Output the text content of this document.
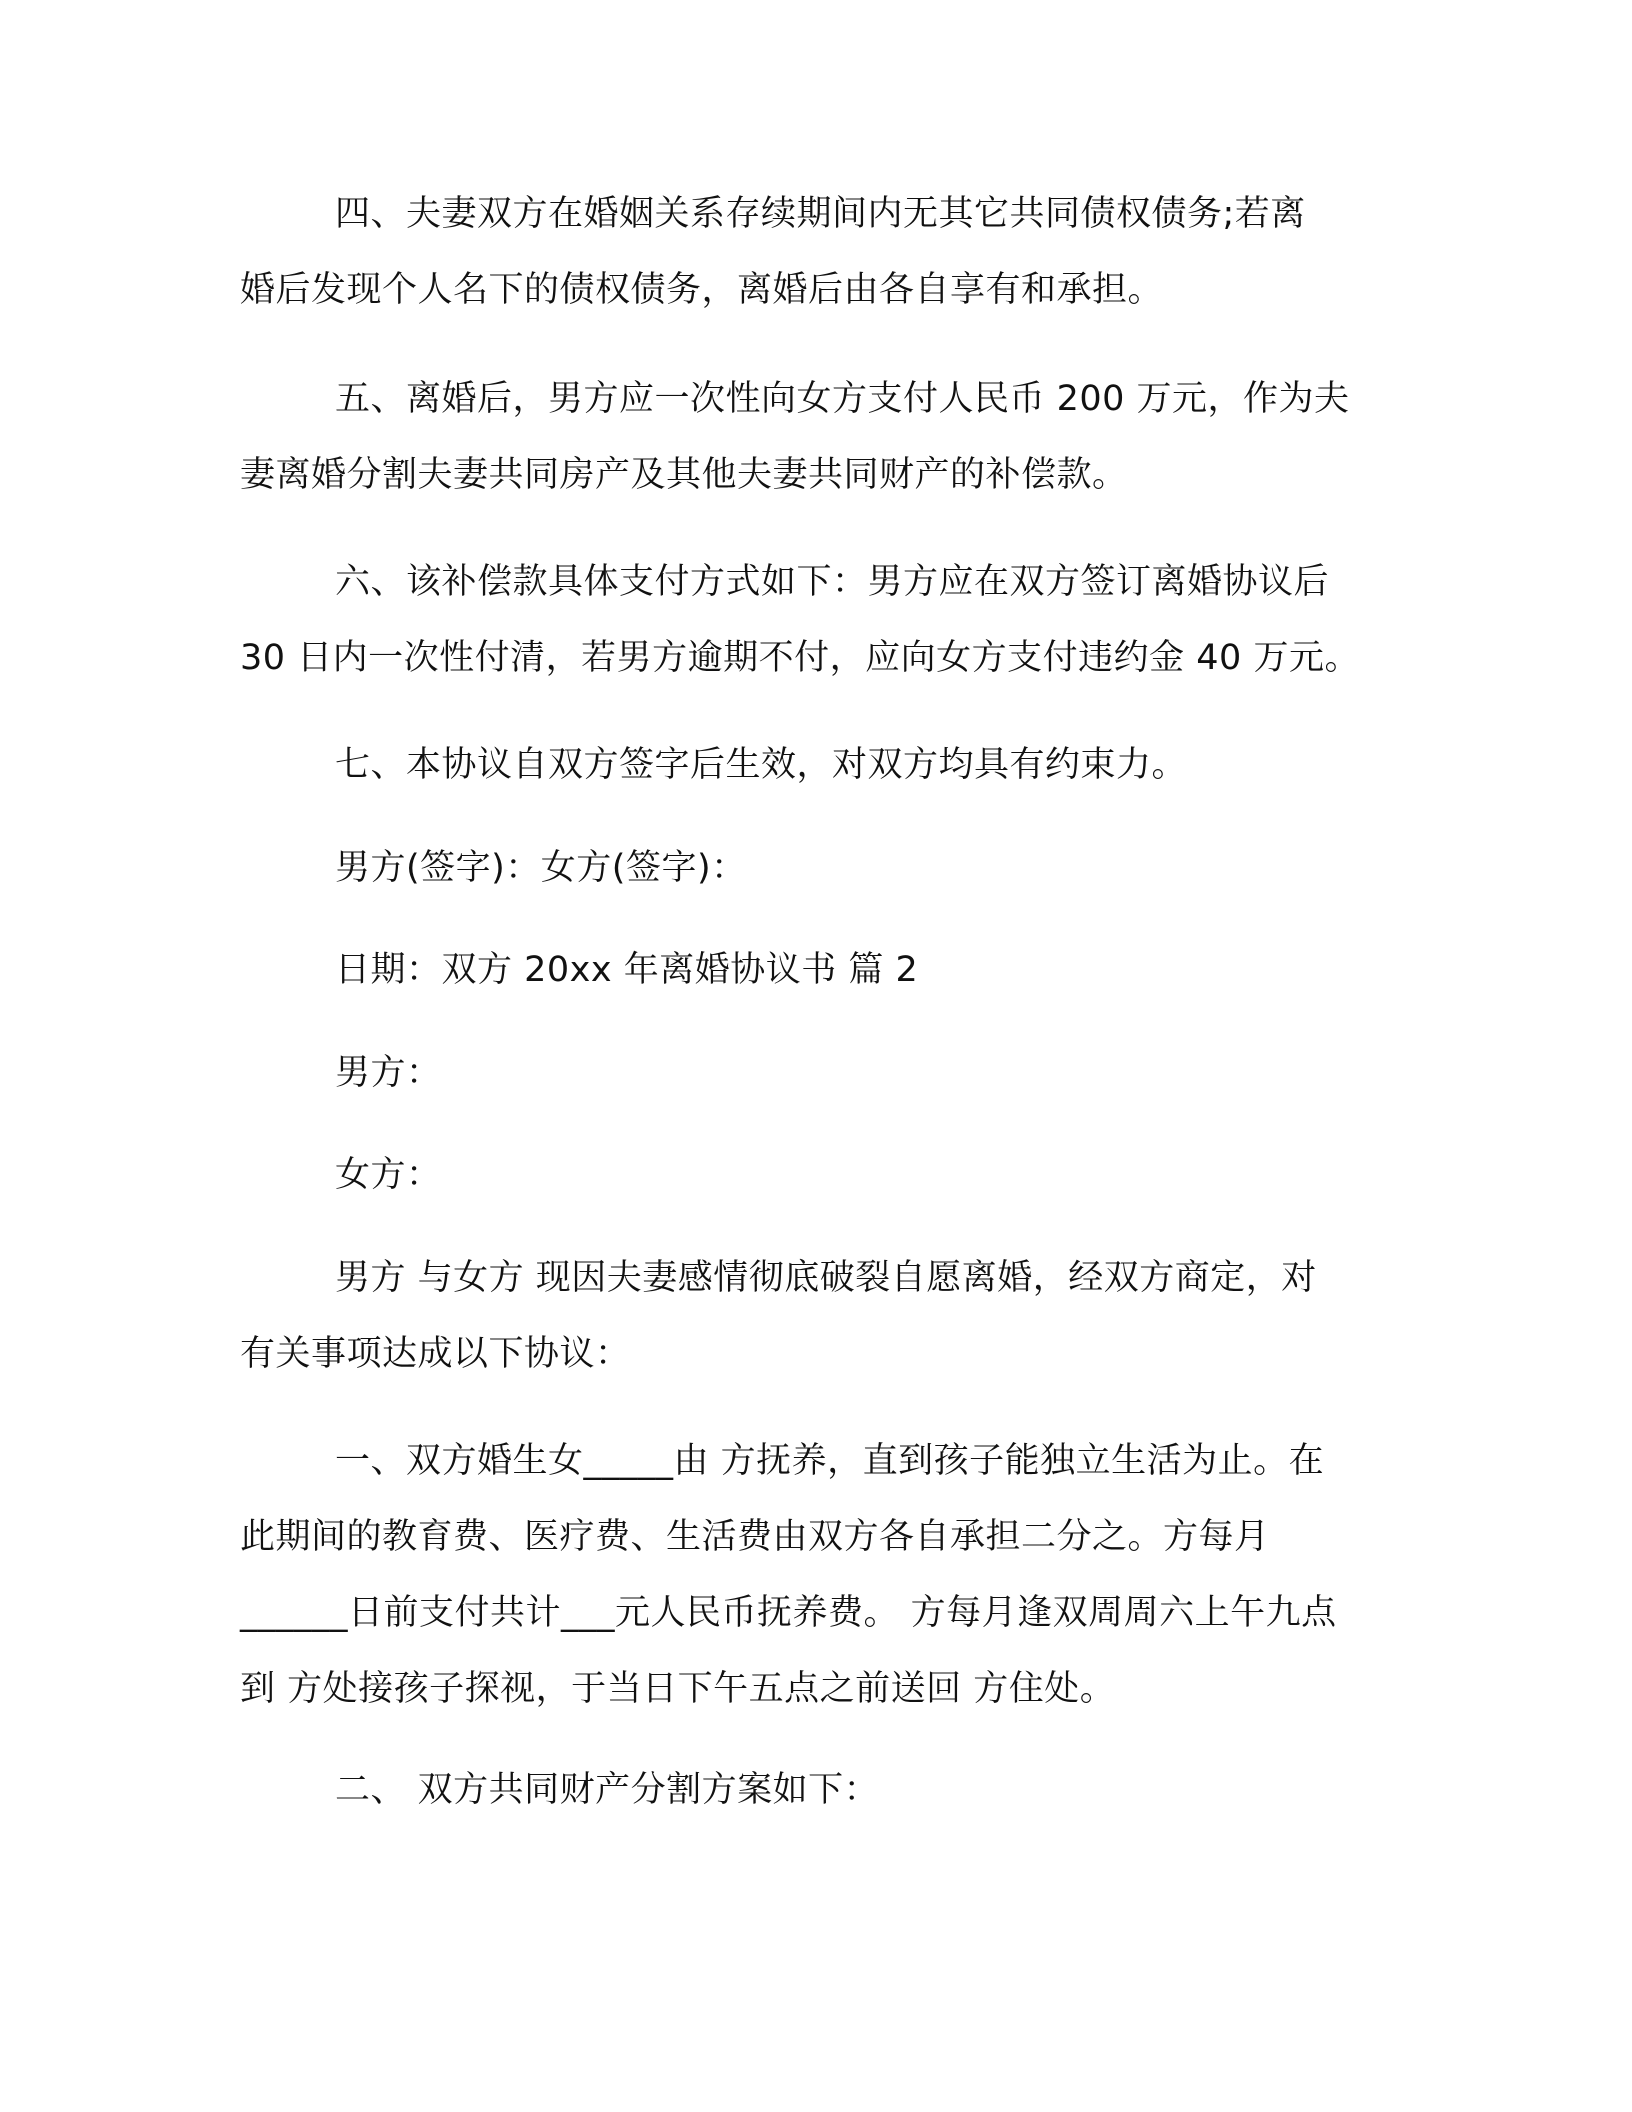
四、夫妻双方在婚姻关系存续期间内无其它共同债权债务;若离
婚后发现个人名下的债权债务，离婚后由各自享有和承担。

五、离婚后，男方应一次性向女方支付人民币 200 万元，作为夫
妻离婚分割夫妻共同房产及其他夫妻共同财产的补偿款。

六、该补偿款具体支付方式如下：男方应在双方签订离婚协议后
30 日内一次性付清，若男方逾期不付，应向女方支付违约金 40 万元。

七、本协议自双方签字后生效，对双方均具有约束力。

男方(签字)：女方(签字)：

日期：双方 20xx 年离婚协议书 篇 2

男方：

女方：

男方 与女方 现因夫妻感情彻底破裂自愿离婚，经双方商定，对
有关事项达成以下协议：

一、双方婚生女_____由 方抚养，直到孩子能独立生活为止。在
此期间的教育费、医疗费、生活费由双方各自承担二分之。方每月
______日前支付共计___元人民币抚养费。 方每月逢双周周六上午九点
到 方处接孩子探视，于当日下午五点之前送回 方住处。

二、 双方共同财产分割方案如下：
